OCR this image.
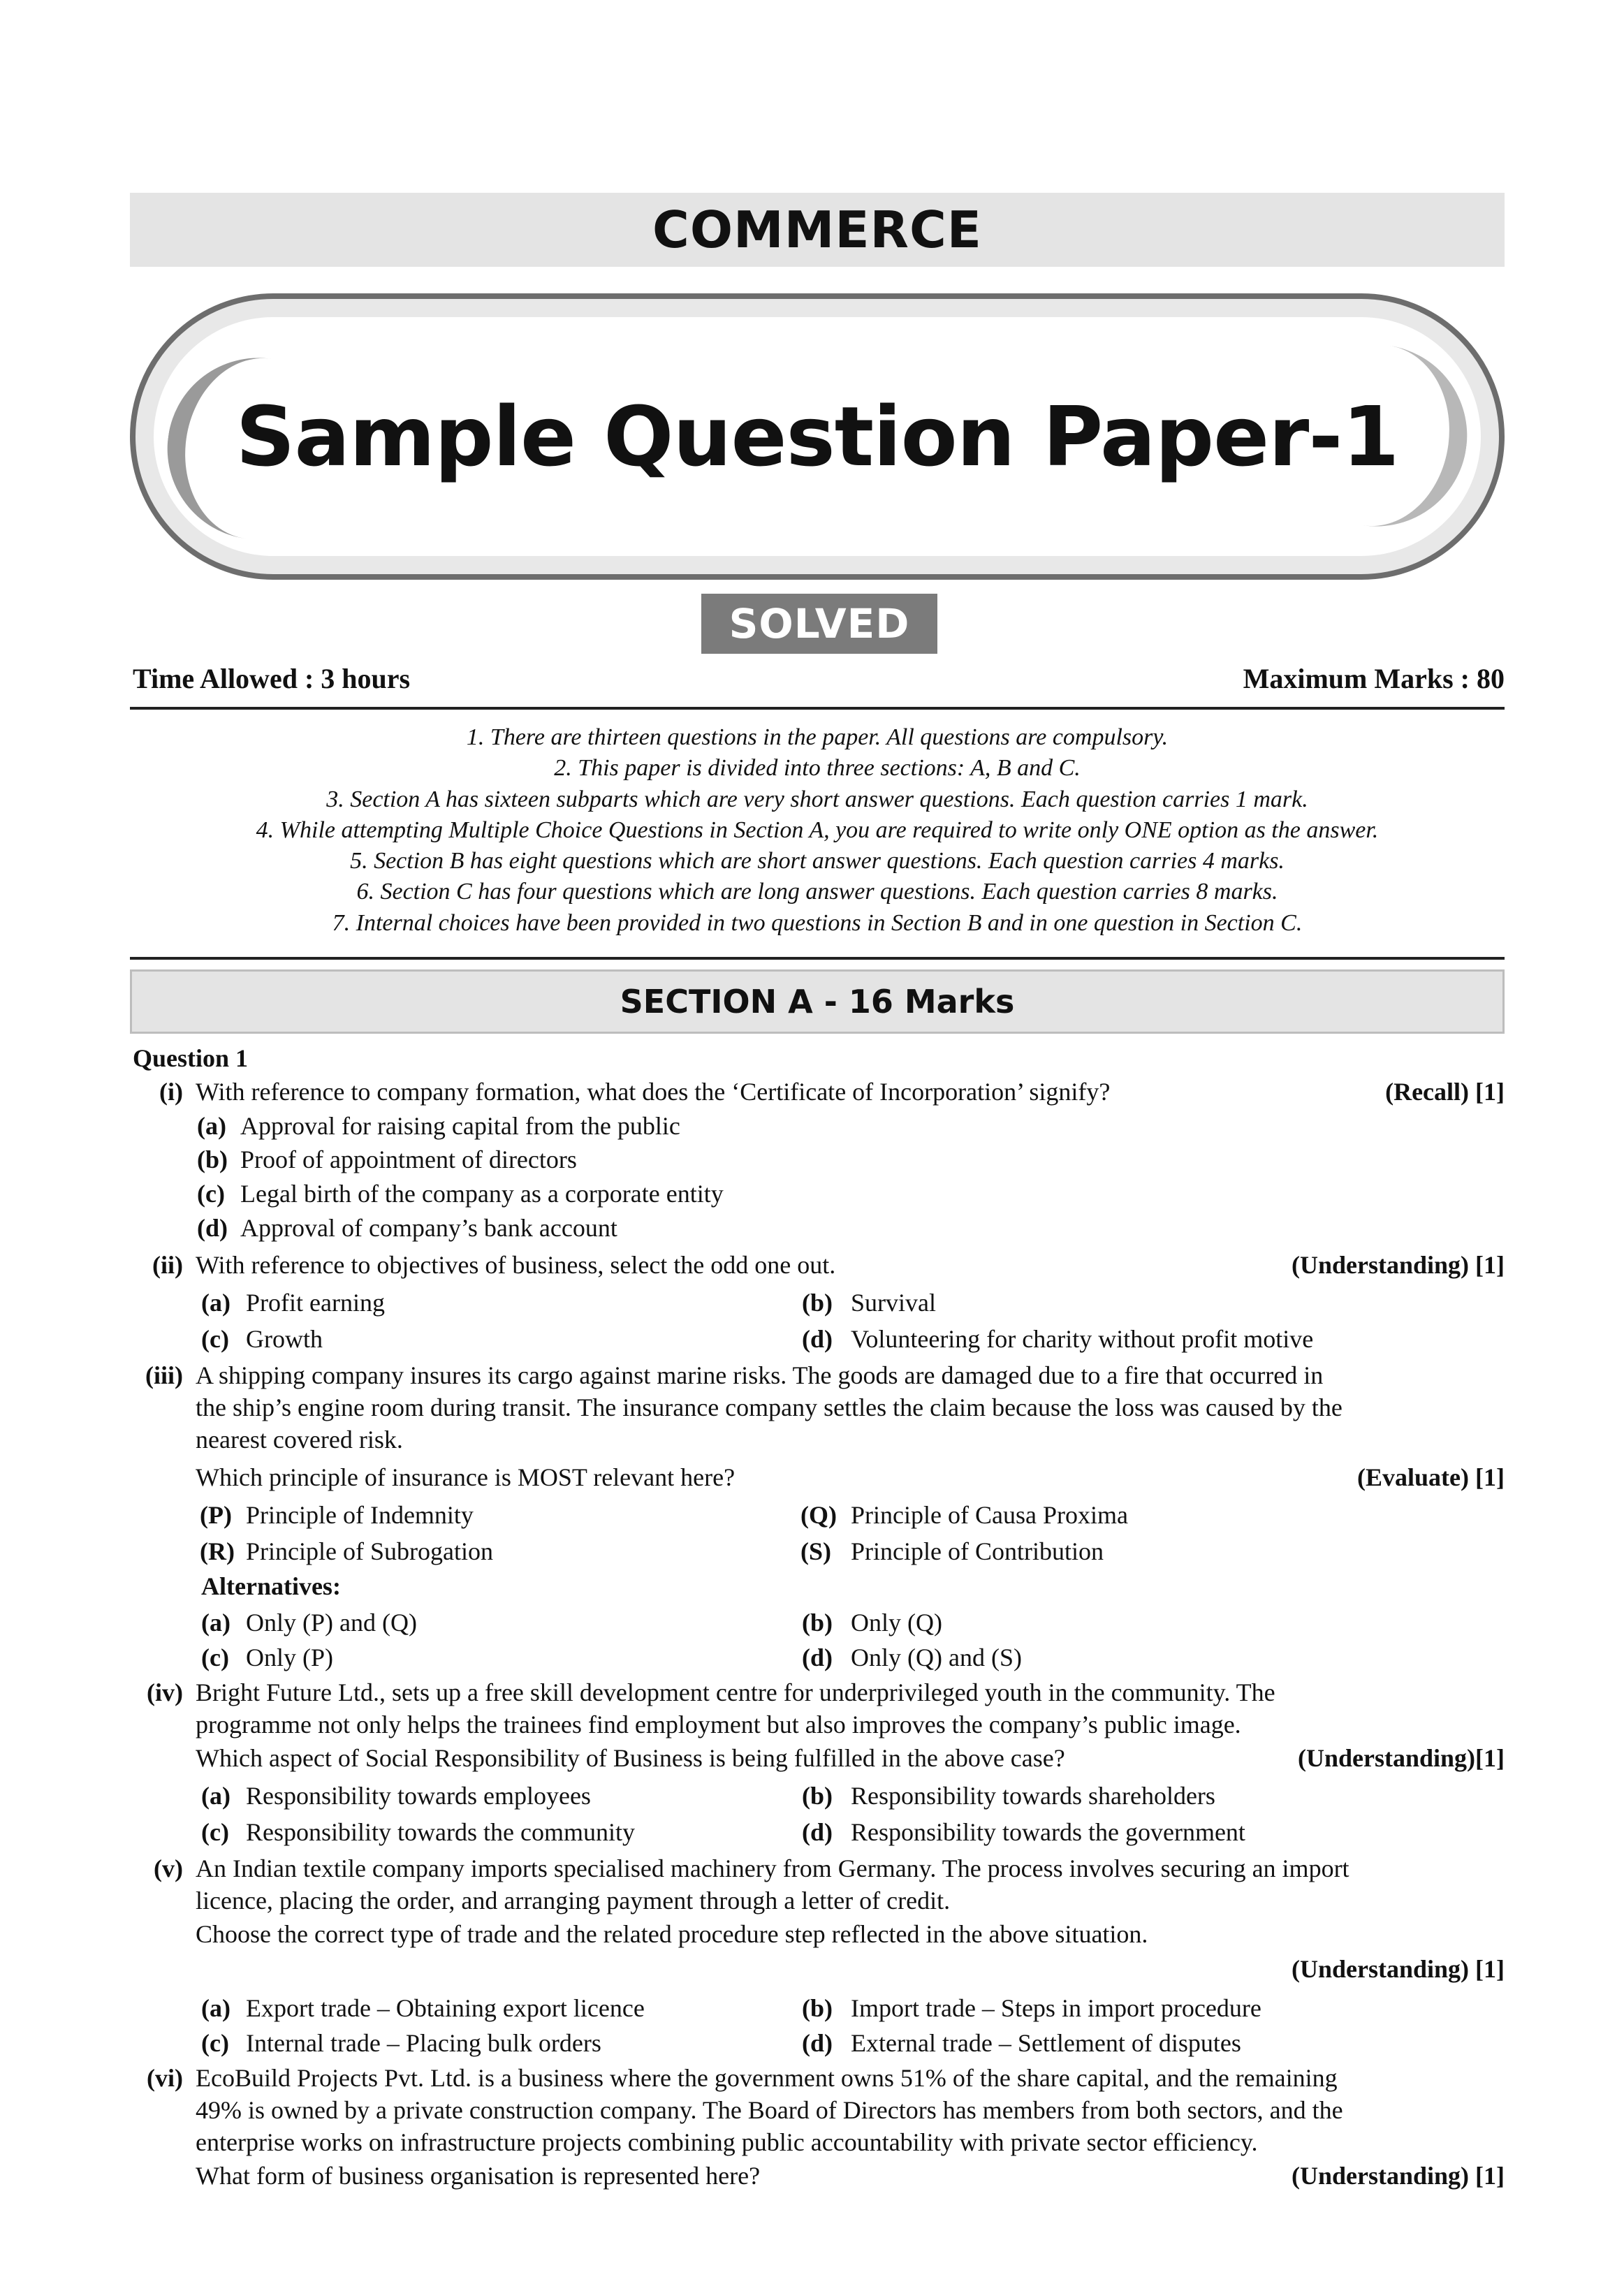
COMMERCE
Sample Question Paper-1
SOLVED
Time Allowed : 3 hours	Maximum Marks : 80
1. There are thirteen questions in the paper. All questions are compulsory.
2. This paper is divided into three sections: A, B and C.
3. Section A has sixteen subparts which are very short answer questions. Each question carries 1 mark.
4. While attempting Multiple Choice Questions in Section A, you are required to write only ONE option as the answer.
5. Section B has eight questions which are short answer questions. Each question carries 4 marks.
6. Section C has four questions which are long answer questions. Each question carries 8 marks.
7. Internal choices have been provided in two questions in Section B and in one question in Section C.
SECTION A - 16 Marks
Question 1
(i) With reference to company formation, what does the ‘Certificate of Incorporation’ signify?	(Recall) [1]
(a) Approval for raising capital from the public
(b) Proof of appointment of directors
(c) Legal birth of the company as a corporate entity
(d) Approval of company’s bank account
(ii) With reference to objectives of business, select the odd one out.	(Understanding) [1]
(a) Profit earning	(b) Survival
(c) Growth	(d) Volunteering for charity without profit motive
(iii) A shipping company insures its cargo against marine risks. The goods are damaged due to a fire that occurred in
the ship’s engine room during transit. The insurance company settles the claim because the loss was caused by the
nearest covered risk.
Which principle of insurance is MOST relevant here?	(Evaluate) [1]
(P) Principle of Indemnity	(Q) Principle of Causa Proxima
(R) Principle of Subrogation	(S) Principle of Contribution
Alternatives:
(a) Only (P) and (Q)	(b) Only (Q)
(c) Only (P)	(d) Only (Q) and (S)
(iv) Bright Future Ltd., sets up a free skill development centre for underprivileged youth in the community. The
programme not only helps the trainees find employment but also improves the company’s public image.
Which aspect of Social Responsibility of Business is being fulfilled in the above case?	(Understanding)[1]
(a) Responsibility towards employees	(b) Responsibility towards shareholders
(c) Responsibility towards the community	(d) Responsibility towards the government
(v) An Indian textile company imports specialised machinery from Germany. The process involves securing an import
licence, placing the order, and arranging payment through a letter of credit.
Choose the correct type of trade and the related procedure step reflected in the above situation.
(Understanding) [1]
(a) Export trade – Obtaining export licence	(b) Import trade – Steps in import procedure
(c) Internal trade – Placing bulk orders	(d) External trade – Settlement of disputes
(vi) EcoBuild Projects Pvt. Ltd. is a business where the government owns 51% of the share capital, and the remaining
49% is owned by a private construction company. The Board of Directors has members from both sectors, and the
enterprise works on infrastructure projects combining public accountability with private sector efficiency.
What form of business organisation is represented here?	(Understanding) [1]
